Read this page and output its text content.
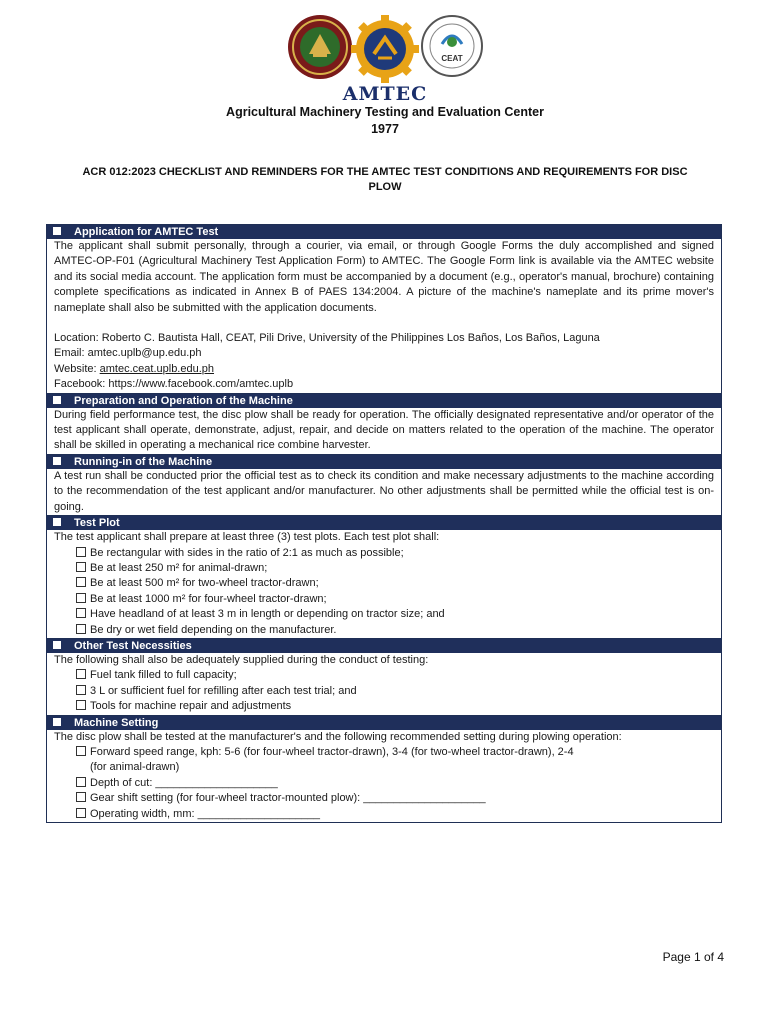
CEAT
AMTEC
Agricultural Machinery Testing and Evaluation Center
1977
ACR 012:2023 CHECKLIST AND REMINDERS FOR THE AMTEC TEST CONDITIONS AND REQUIREMENTS FOR DISC PLOW
Application for AMTEC Test

The applicant shall submit personally, through a courier, via email, or through Google Forms the duly accomplished and signed AMTEC-OP-F01 (Agricultural Machinery Test Application Form) to AMTEC. The Google Form link is available via the AMTEC website and its social media account. The application form must be accompanied by a document (e.g., operator's manual, brochure) containing complete specifications as indicated in Annex B of PAES 134:2004. A picture of the machine's nameplate and its prime mover's nameplate shall also be submitted with the application documents.

Location: Roberto C. Bautista Hall, CEAT, Pili Drive, University of the Philippines Los Baños, Los Baños, Laguna
Email: amtec.uplb@up.edu.ph
Website: amtec.ceat.uplb.edu.ph
Facebook: https://www.facebook.com/amtec.uplb
Preparation and Operation of the Machine

During field performance test, the disc plow shall be ready for operation. The officially designated representative and/or operator of the test applicant shall operate, demonstrate, adjust, repair, and decide on matters related to the operation of the machine. The operator shall be skilled in operating a mechanical rice combine harvester.

Running-in of the Machine

A test run shall be conducted prior the official test as to check its condition and make necessary adjustments to the machine according to the recommendation of the test applicant and/or manufacturer. No other adjustments shall be permitted while the official test is on-going.

Test Plot
The test applicant shall prepare at least three (3) test plots. Each test plot shall:
Be rectangular with sides in the ratio of 2:1 as much as possible;
Be at least 250 m² for animal-drawn;
Be at least 500 m² for two-wheel tractor-drawn;
Be at least 1000 m² for four-wheel tractor-drawn;
Have headland of at least 3 m in length or depending on tractor size; and
Be dry or wet field depending on the manufacturer.
Other Test Necessities
The following shall also be adequately supplied during the conduct of testing:
Fuel tank filled to full capacity;
3 L or sufficient fuel for refilling after each test trial; and
Tools for machine repair and adjustments
Machine Setting
The disc plow shall be tested at the manufacturer's and the following recommended setting during plowing operation:
Forward speed range, kph: 5-6 (for four-wheel tractor-drawn), 3-4 (for two-wheel tractor-drawn), 2-4
(for animal-drawn)
Depth of cut: ____________________
Gear shift setting (for four-wheel tractor-mounted plow): ____________________
Operating width, mm: ____________________
Page 1 of 4
